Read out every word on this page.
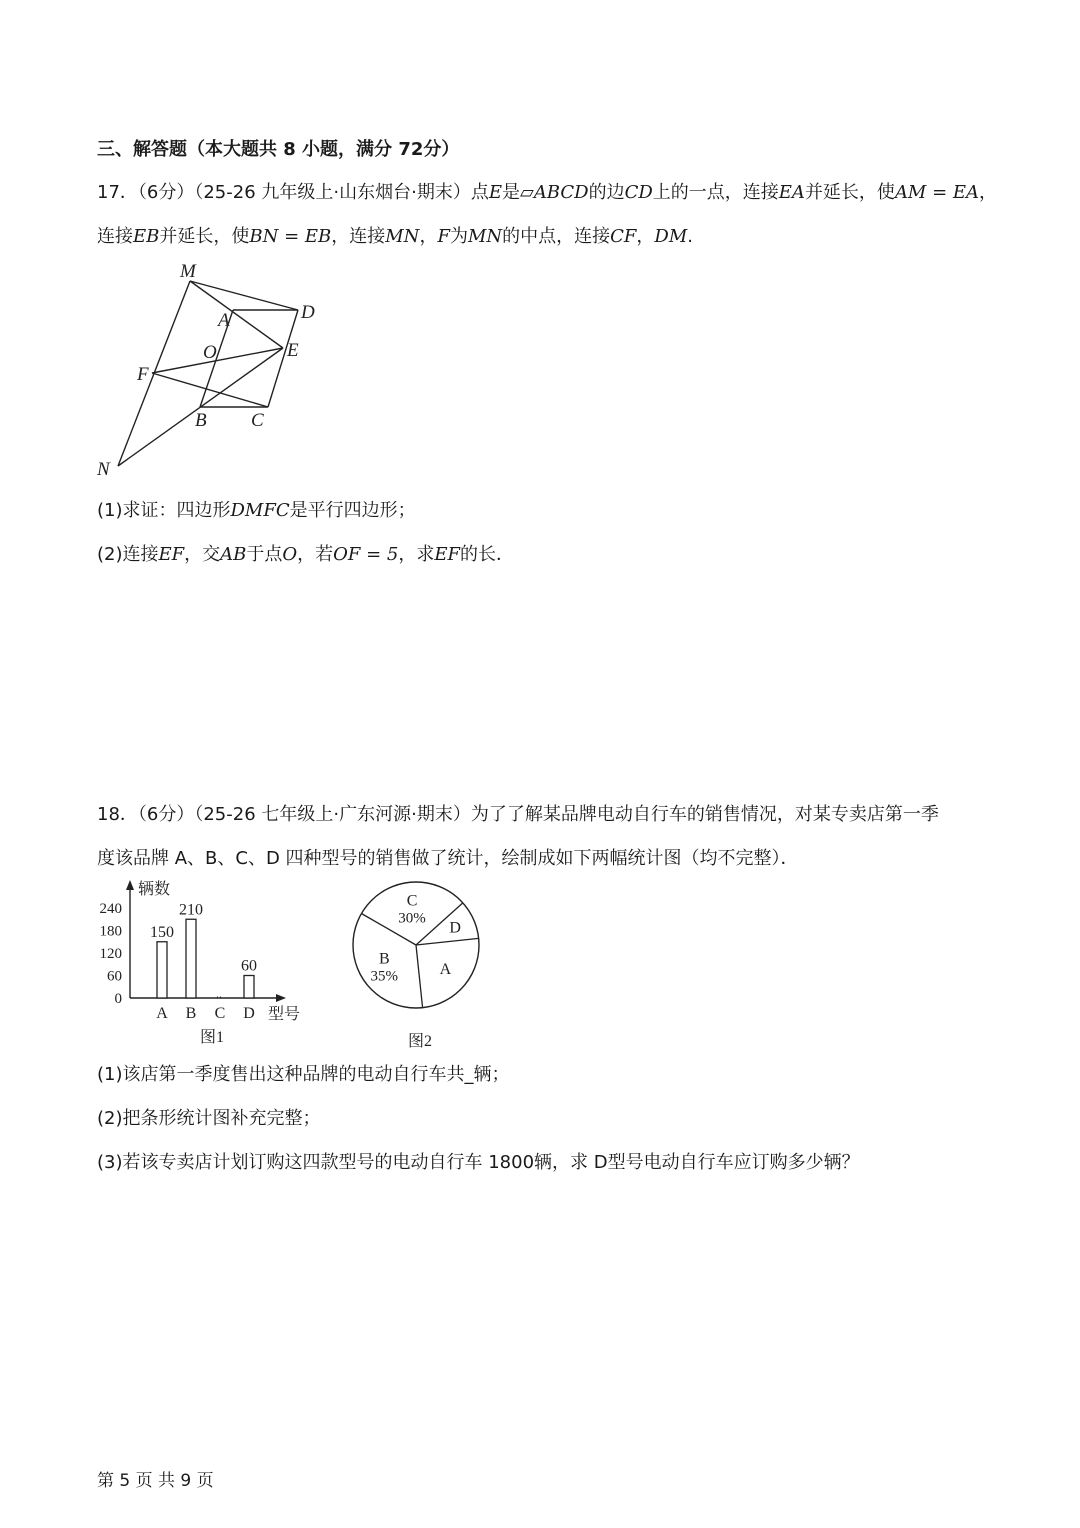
三、解答题（本大题共 8 小题，满分 72分）
17．（6分）（25-26 九年级上·山东烟台·期末）点E是▱ABCD的边CD上的一点，连接EA并延长，使AM = EA，
连接EB并延长，使BN = EB，连接MN，F为MN的中点，连接CF，DM.
M
A	D
O	E
F
B C
N
(1)求证：四边形DMFC是平行四边形；
(2)连接EF，交AB于点O，若OF = 5，求EF的长．
18．（6分）（25-26 七年级上·广东河源·期末）为了了解某品牌电动自行车的销售情况，对某专卖店第一季
度该品牌 A、B、C、D 四种型号的销售做了统计，绘制成如下两幅统计图（均不完整）．
辆数
型号
0
60
120
180
240
150
A
210
B C
60
D
图1
C
30%
D
A
B
35%
图2
(1)该店第一季度售出这种品牌的电动自行车共_辆；
(2)把条形统计图补充完整；
(3)若该专卖店计划订购这四款型号的电动自行车 1800辆，求 D型号电动自行车应订购多少辆？
第 5 页 共 9 页
